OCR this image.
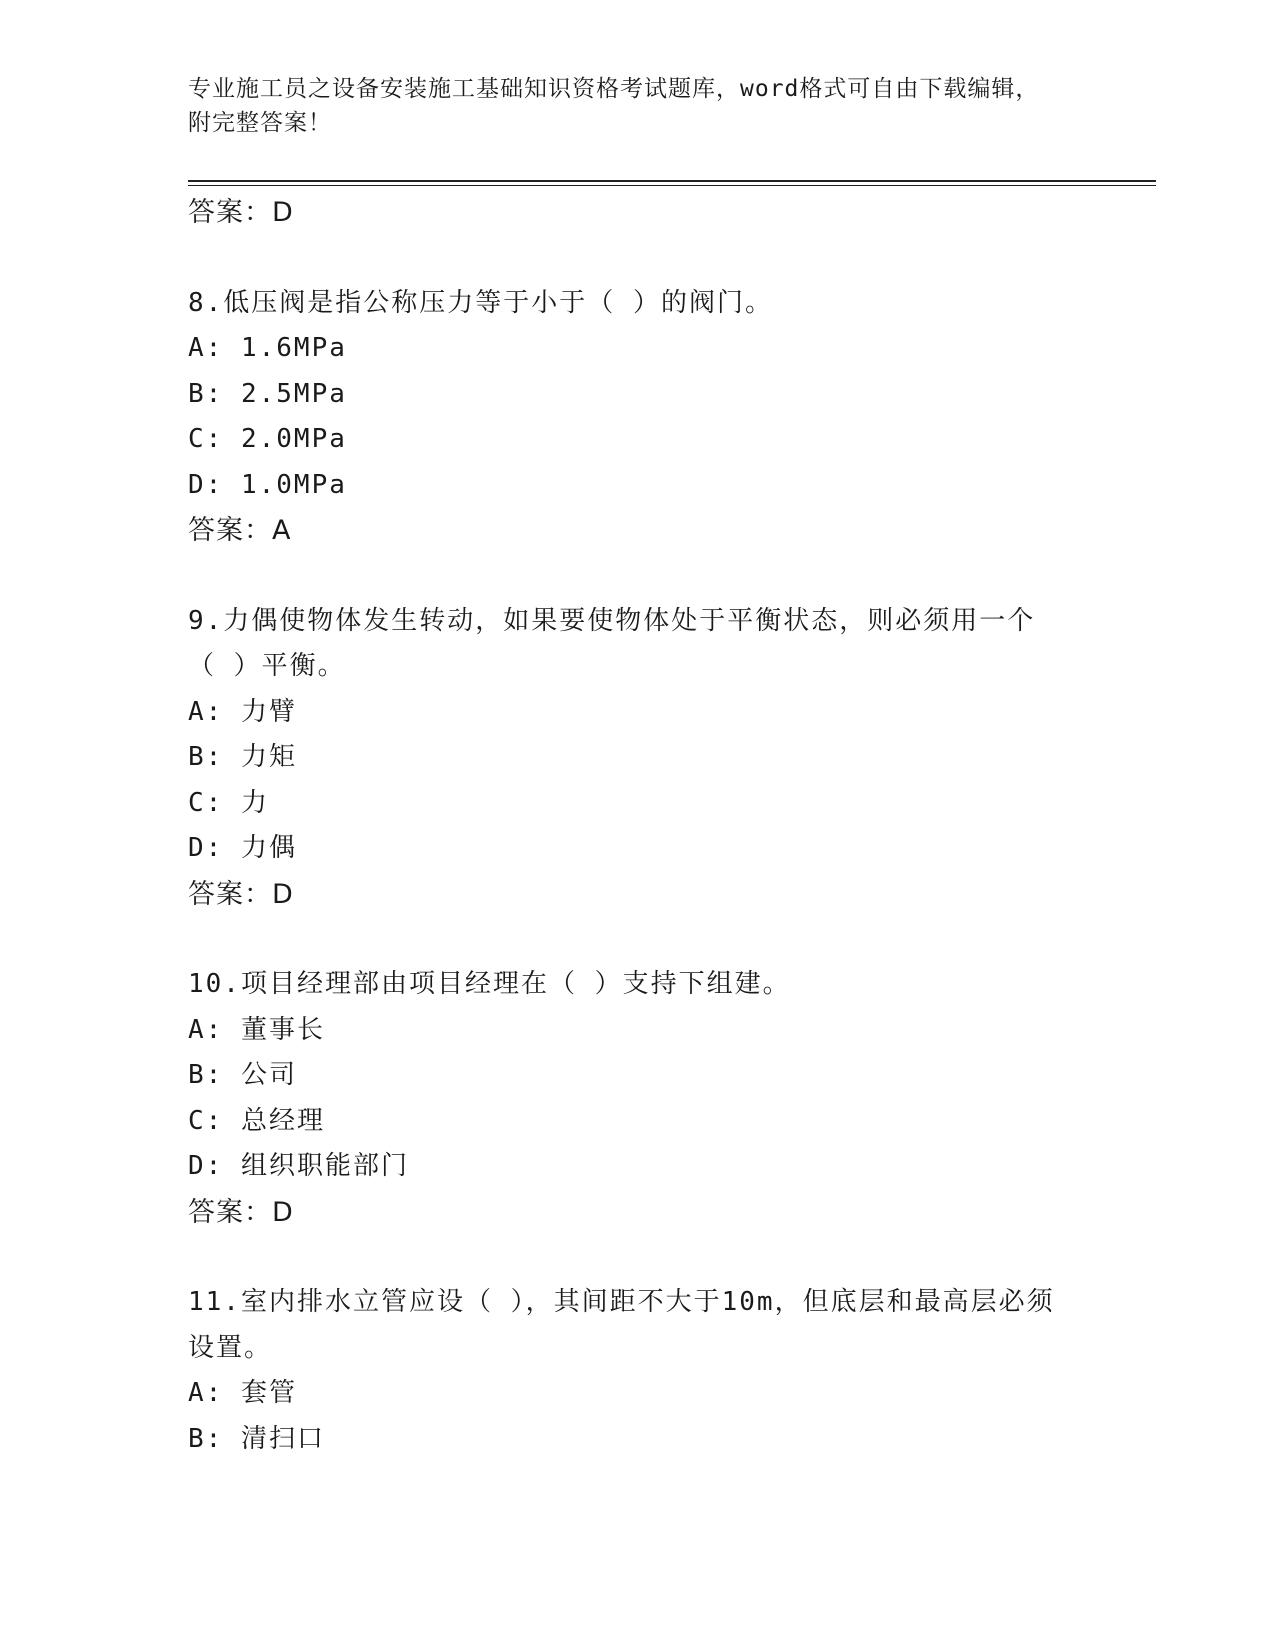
专业施工员之设备安装施工基础知识资格考试题库，word格式可自由下载编辑，
附完整答案！
答案：D
8.低压阀是指公称压力等于小于（ ）的阀门。
A: 1.6MPa
B: 2.5MPa
C: 2.0MPa
D: 1.0MPa
答案：A
9.力偶使物体发生转动，如果要使物体处于平衡状态，则必须用一个
（ ）平衡。
A: 力臂
B: 力矩
C: 力
D: 力偶
答案：D
10.项目经理部由项目经理在（ ）支持下组建。
A: 董事长
B: 公司
C: 总经理
D: 组织职能部门
答案：D
11.室内排水立管应设（ ），其间距不大于10m，但底层和最高层必须
设置。
A: 套管
B: 清扫口
